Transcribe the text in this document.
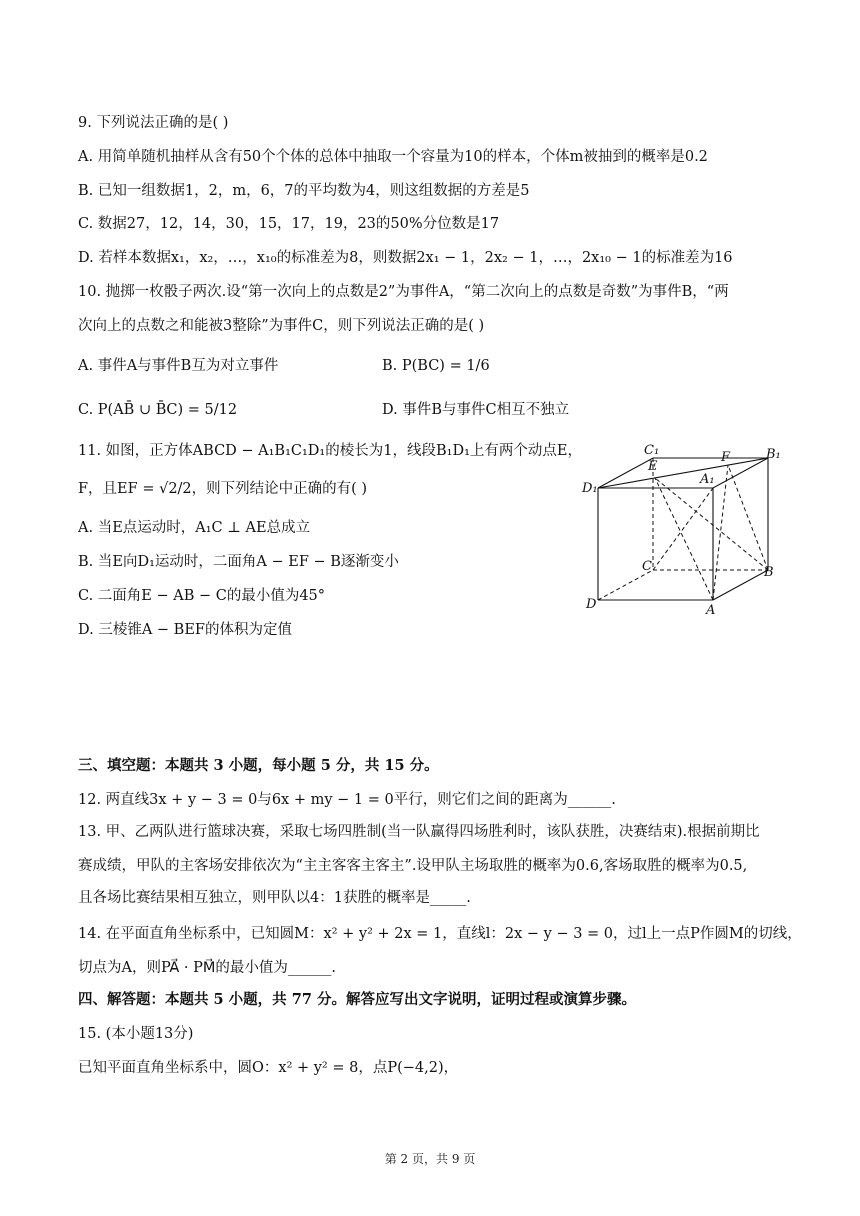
9. 下列说法正确的是( )
A. 用简单随机抽样从含有50个个体的总体中抽取一个容量为10的样本，个体m被抽到的概率是0.2
B. 已知一组数据1，2，m，6，7的平均数为4，则这组数据的方差是5
C. 数据27，12，14，30，15，17，19，23的50%分位数是17
D. 若样本数据x₁，x₂，…，x₁₀的标准差为8，则数据2x₁ − 1，2x₂ − 1，…，2x₁₀ − 1的标准差为16
10. 抛掷一枚骰子两次.设“第一次向上的点数是2”为事件A，“第二次向上的点数是奇数”为事件B，“两
次向上的点数之和能被3整除”为事件C，则下列说法正确的是( )
A. 事件A与事件B互为对立事件	B. P(BC) = 1/6
C. P(AB̄ ∪ B̄C) = 5/12	D. 事件B与事件C相互不独立
11. 如图，正方体ABCD − A₁B₁C₁D₁的棱长为1，线段B₁D₁上有两个动点E，
F，且EF = √2/2，则下列结论中正确的有( )
A. 当E点运动时，A₁C ⊥ AE总成立
B. 当E向D₁运动时，二面角A − EF − B逐渐变小
C. 二面角E − AB − C的最小值为45°
D. 三棱锥A − BEF的体积为定值
C₁
E
F	B₁
D₁
A₁
C	B
D	A
三、填空题：本题共 3 小题，每小题 5 分，共 15 分。
12. 两直线3x + y − 3 = 0与6x + my − 1 = 0平行，则它们之间的距离为______.
13. 甲、乙两队进行篮球决赛，采取七场四胜制(当一队赢得四场胜利时，该队获胜，决赛结束).根据前期比
赛成绩，甲队的主客场安排依次为“主主客客主客主”.设甲队主场取胜的概率为0.6,客场取胜的概率为0.5,
且各场比赛结果相互独立，则甲队以4：1获胜的概率是_____.
14. 在平面直角坐标系中，已知圆M：x² + y² + 2x = 1，直线l：2x − y − 3 = 0，过l上一点P作圆M的切线，
切点为A，则PA⃗ · PM⃗的最小值为______.
四、解答题：本题共 5 小题，共 77 分。解答应写出文字说明，证明过程或演算步骤。
15. (本小题13分)
已知平面直角坐标系中，圆O：x² + y² = 8，点P(−4,2)，
第 2 页，共 9 页
